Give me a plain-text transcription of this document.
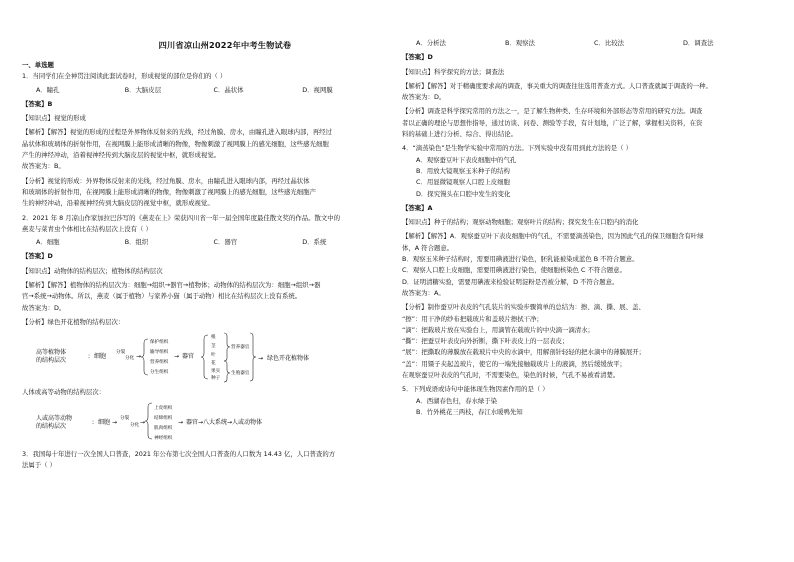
四川省凉山州2022年中考生物试卷
一、单选题
1．当同学们在全神贯注阅读此套试卷时，形成视觉的部位是你们的（ ）
A．瞳孔	B．大脑皮层	C．晶状体	D．视网膜
【答案】B
【知识点】视觉的形成
【解析】【解答】视觉的形成的过程是外界物体反射来的光线，经过角膜、房水，由瞳孔进入眼球内部，再经过
晶状体和玻璃体的折射作用，在视网膜上能形成清晰的物像，物像刺激了视网膜上的感光细胞，这些感光细胞
产生的神经冲动，沿着视神经传到大脑皮层的视觉中枢，就形成视觉。
故答案为：B。
【分析】视觉的形成：外界物体反射来的光线，经过角膜、房水，由瞳孔进入眼球内部，再经过晶状体
和玻璃体的折射作用，在视网膜上能形成清晰的物像，物像刺激了视网膜上的感光细胞，这些感光细胞产
生的神经冲动，沿着视神经传到大脑皮层的视觉中枢，就形成视觉。
2．2021 年 8 月凉山作家加拉巴莎写的《燕麦在上》荣获四川省一年一届全国年度最佳散文奖的作品。散文中的
燕麦与菜青虫个体相比在结构层次上没有（ ）
A．细胞	B．组织	C．器官	D．系统
【答案】D
【知识点】动物体的结构层次；植物体的结构层次
【解析】【解答】植物体的结构层次为：细胞→组织→器官→植物体；动物体的结构层次为：细胞→组织→器
官→系统→动物体。所以，燕麦（属于植物）与家养小猫（属于动物）相比在结构层次上没有系统。
故答案为：D。
【分析】绿色开花植物的结构层次：
高等植物体
的结构层次
: 细胞
分裂
分化 →
保护组织
输导组织
营养组织
分生组织
→ 器官
根
茎
叶
花
果实
种子
营养器官
生殖器官
→ 绿色开花植物体
人体或高等动物的结构层次：
人或高等动物
的结构层次
: 细胞 →
分裂
分化 →
上皮组织
结缔组织
肌肉组织
神经组织
→ 器官→八大系统→人或动物体
3．我国每十年进行一次全国人口普查，2021 年公布第七次全国人口普查的人口数为 14.43 亿，人口普查的方
法属于（ ）
A．分析法	B．观察法	C．比较法	D．调查法
【答案】D
【知识点】科学探究的方法；调查法
【解析】【解答】对于精确度要求高的调查，事关重大的调查往往选用普查方式。人口普查就属于调查的一种。
故答案为：D。
【分析】调查是科学探究常用的方法之一，是了解生物种类、生存环境和外部形态等常用的研究方法。调查
者以正确的理论与思想作指导，通过访谈、问卷、测验等手段，有计划地，广泛了解，掌握相关资料，在资
料的基础上进行分析、综合、得出结论。
4．“滴蒸染色”是生物学实验中常用的方法。下列实验中没有用到此方法的是（ ）
A．观察蚕豆叶下表皮细胞中的气孔
B．用放大镜观察玉米种子的结构
C．用显微镜观察人口腔上皮细胞
D．探究馒头在口腔中发生的变化
【答案】A
【知识点】种子的结构；观察动物细胞；观察叶片的结构；探究发生在口腔内的消化
【解析】【解答】A．观察蚕豆叶下表皮细胞中的气孔，不需要滴蒸染色，因为国此气孔的保卫细胞含有叶绿
体，A 符合题意。
B．观察玉米种子结构时，需要用碘液进行染色，胚乳能被染成蓝色 B 不符合题意。
C．观察人口腔上皮细胞，需要用碘液进行染色，使细胞核染色 C 不符合题意。
D．证明清糖实验，需要用碘液来检验证明淀粉是否被分解，D 不符合题意。
故答案为：A。
【分析】制作蚕豆叶表皮的气孔装片的实验步骤简单的总结为：擦、滴、撕、展、盖、
“擦”：用干净的纱布把载玻片和盖玻片擦拭干净；
“滴”：把载玻片放在实验台上，用滴管在载玻片的中央滴一滴清水；
“撕”：把蚕豆叶表皮向外折断，撕下叶表皮上的一层表皮；
“展”：把撕取的薄膜放在载玻片中央的水滴中，用解剖针轻轻的把水滴中的薄膜展开；
“盖”：用镊子夹起盖玻片，使它的一端先接触载玻片上的液滴，然后缓缓放平；
在观察蚕豆叶表皮的气孔时，不需要染色，染色的时候，气孔不易被看清楚。
5．下列成语或诗句中能体现生物因素作用的是（ ）
A．西湖春色归，春水绿于染
B．竹外桃花三两枝，春江水暖鸭先知
